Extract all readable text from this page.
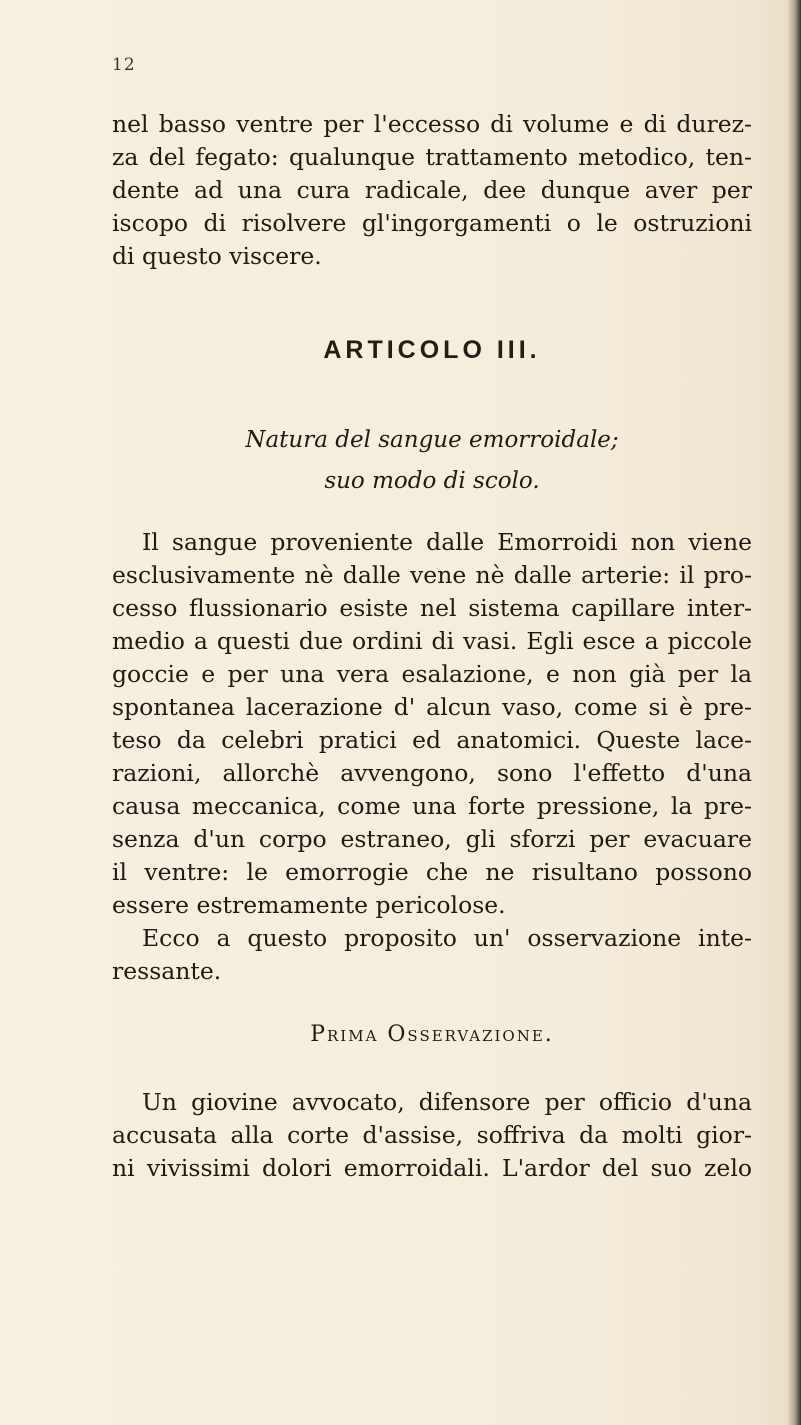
12
nel basso ventre per l'eccesso di volume e di durez-
za del fegato: qualunque trattamento metodico, ten-
dente ad una cura radicale, dee dunque aver per
iscopo di risolvere gl'ingorgamenti o le ostruzioni
di questo viscere.
ARTICOLO III.
Natura del sangue emorroidale;
suo modo di scolo.
Il sangue proveniente dalle Emorroidi non viene
esclusivamente nè dalle vene nè dalle arterie: il pro-
cesso flussionario esiste nel sistema capillare inter-
medio a questi due ordini di vasi. Egli esce a piccole
goccie e per una vera esalazione, e non già per la
spontanea lacerazione d' alcun vaso, come si è pre-
teso da celebri pratici ed anatomici. Queste lace-
razioni, allorchè avvengono, sono l'effetto d'una
causa meccanica, come una forte pressione, la pre-
senza d'un corpo estraneo, gli sforzi per evacuare
il ventre: le emorrogie che ne risultano possono
essere estremamente pericolose.
Ecco a questo proposito un' osservazione inte-
ressante.
Prima Osservazione.
Un giovine avvocato, difensore per officio d'una
accusata alla corte d'assise, soffriva da molti gior-
ni vivissimi dolori emorroidali. L'ardor del suo zelo
